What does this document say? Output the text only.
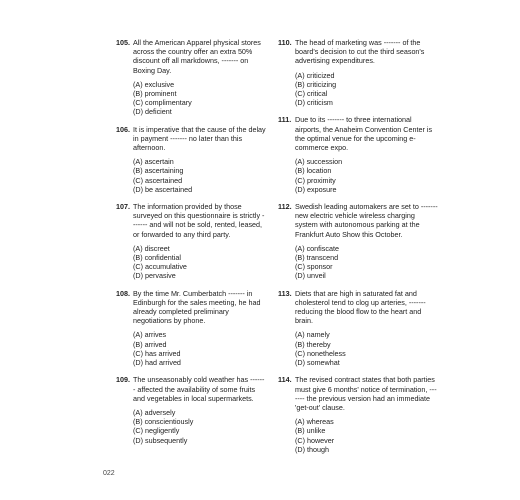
105. All the American Apparel physical stores across the country offer an extra 50% discount off all markdowns, ------- on Boxing Day.

(A) exclusive
(B) prominent
(C) complimentary
(D) deficient
106. It is imperative that the cause of the delay in payment ------- no later than this afternoon.

(A) ascertain
(B) ascertaining
(C) ascertained
(D) be ascertained
107. The information provided by those surveyed on this questionnaire is strictly ------- and will not be sold, rented, leased, or forwarded to any third party.

(A) discreet
(B) confidential
(C) accumulative
(D) pervasive
108. By the time Mr. Cumberbatch ------- in Edinburgh for the sales meeting, he had already completed preliminary negotiations by phone.

(A) arrives
(B) arrived
(C) has arrived
(D) had arrived
109. The unseasonably cold weather has ------- affected the availability of some fruits and vegetables in local supermarkets.

(A) adversely
(B) conscientiously
(C) negligently
(D) subsequently
110. The head of marketing was ------- of the board's decision to cut the third season's advertising expenditures.

(A) criticized
(B) criticizing
(C) critical
(D) criticism
111. Due to its ------- to three international airports, the Anaheim Convention Center is the optimal venue for the upcoming e-commerce expo.

(A) succession
(B) location
(C) proximity
(D) exposure
112. Swedish leading automakers are set to ------- new electric vehicle wireless charging system with autonomous parking at the Frankfurt Auto Show this October.

(A) confiscate
(B) transcend
(C) sponsor
(D) unveil
113. Diets that are high in saturated fat and cholesterol tend to clog up arteries, ------- reducing the blood flow to the heart and brain.

(A) namely
(B) thereby
(C) nonetheless
(D) somewhat
114. The revised contract states that both parties must give 6 months' notice of termination, ------- the previous version had an immediate 'get-out' clause.

(A) whereas
(B) unlike
(C) however
(D) though
022
